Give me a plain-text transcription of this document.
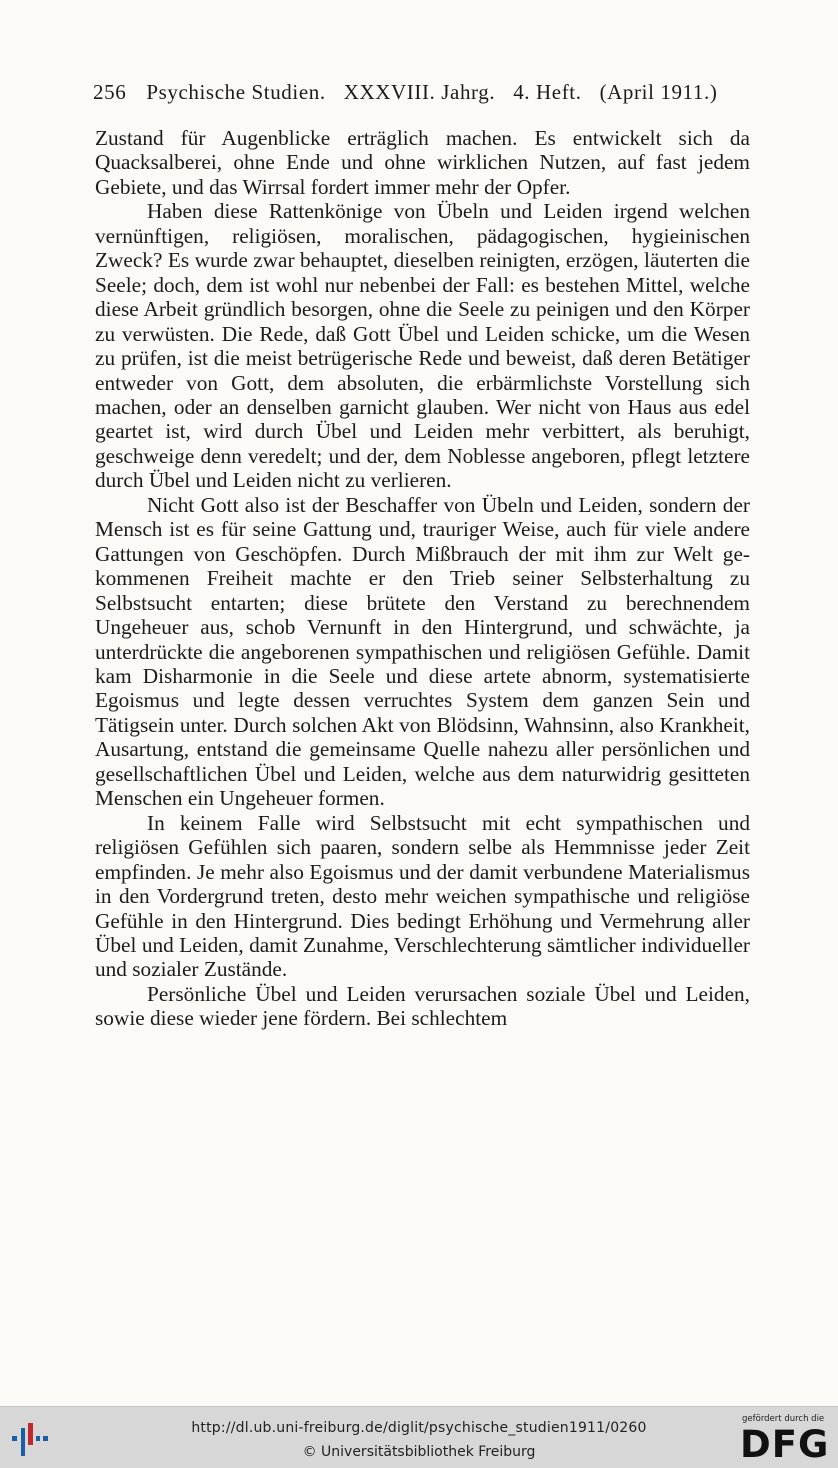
256 Psychische Studien. XXXVIII. Jahrg. 4. Heft. (April 1911.)

Zustand für Augenblicke erträglich machen. Es entwickelt sich da Quacksalberei, ohne Ende und ohne wirklichen Nutzen, auf fast jedem Gebiete, und das Wirrsal fordert immer mehr der Opfer.

Haben diese Rattenkönige von Übeln und Leiden irgend welchen vernünftigen, religiösen, moralischen, pädagogischen, hygieinischen Zweck? Es wurde zwar behauptet, dieselben reinigten, erzögen, läuterten die Seele; doch, dem ist wohl nur nebenbei der Fall: es bestehen Mittel, welche diese Arbeit gründlich besorgen, ohne die Seele zu peinigen und den Körper zu verwüsten. Die Rede, daß Gott Übel und Leiden schicke, um die Wesen zu prüfen, ist die meist betrügerische Rede und beweist, daß deren Betätiger entweder von Gott, dem absoluten, die erbärmlichste Vorstellung sich machen, oder an denselben garnicht glauben. Wer nicht von Haus aus edel geartet ist, wird durch Übel und Leiden mehr verbittert, als beruhigt, geschweige denn veredelt; und der, dem Noblesse angeboren, pflegt letztere durch Übel und Leiden nicht zu verlieren.

Nicht Gott also ist der Beschaffer von Übeln und Leiden, sondern der Mensch ist es für seine Gattung und, trauriger Weise, auch für viele andere Gattungen von Geschöpfen. Durch Mißbrauch der mit ihm zur Welt gekommenen Freiheit machte er den Trieb seiner Selbsterhaltung zu Selbstsucht entarten; diese brütete den Verstand zu berechnendem Ungeheuer aus, schob Vernunft in den Hintergrund, und schwächte, ja unterdrückte die angeborenen sympathischen und religiösen Gefühle. Damit kam Disharmonie in die Seele und diese artete abnorm, systematisierte Egoismus und legte dessen verruchtes System dem ganzen Sein und Tätigsein unter. Durch solchen Akt von Blödsinn, Wahnsinn, also Krankheit, Ausartung, entstand die gemeinsame Quelle nahezu aller persönlichen und gesellschaftlichen Übel und Leiden, welche aus dem naturwidrig gesitteten Menschen ein Ungeheuer formen.

In keinem Falle wird Selbstsucht mit echt sympathischen und religiösen Gefühlen sich paaren, sondern selbe als Hemmnisse jeder Zeit empfinden. Je mehr also Egoismus und der damit verbundene Materialismus in den Vordergrund treten, desto mehr weichen sympathische und religiöse Gefühle in den Hintergrund. Dies bedingt Erhöhung und Vermehrung aller Übel und Leiden, damit Zunahme, Verschlechterung sämtlicher individueller und sozialer Zustände.

Persönliche Übel und Leiden verursachen soziale Übel und Leiden, sowie diese wieder jene fördern. Bei schlechtem

http://dl.ub.uni-freiburg.de/diglit/psychische_studien1911/0260
© Universitätsbibliothek Freiburg
gefördert durch die
DFG
